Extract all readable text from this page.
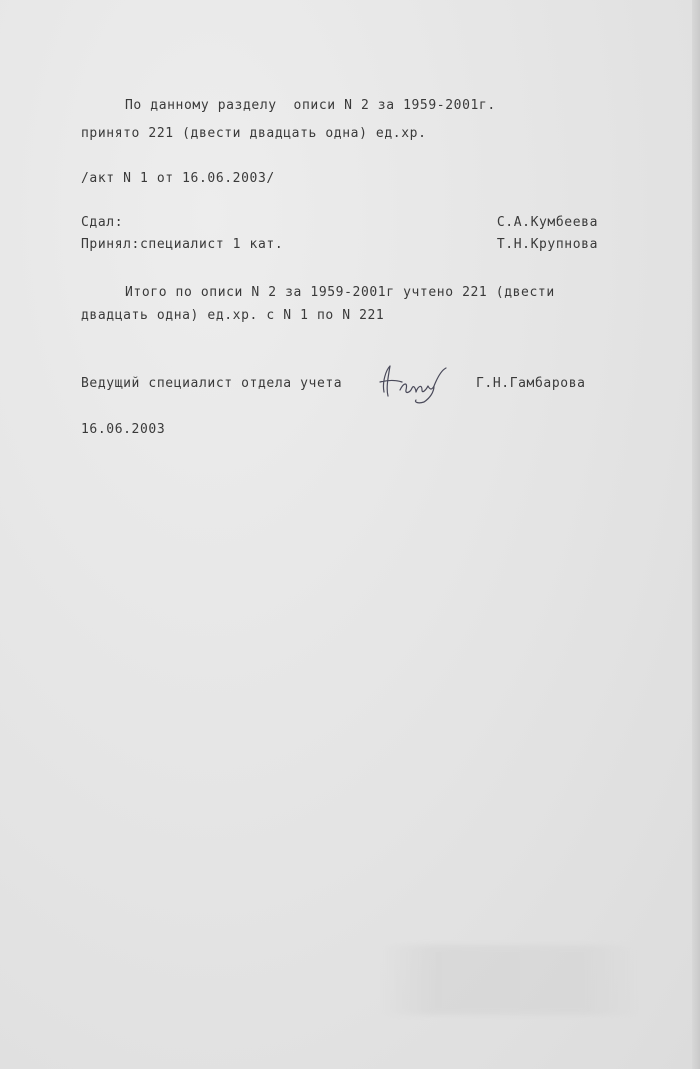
По данному разделу  описи N 2 за 1959-2001г.
принято 221 (двести двадцать одна) ед.хр.
/акт N 1 от 16.06.2003/
Сдал:	С.А.Кумбеева
Принял:специалист 1 кат.	Т.Н.Крупнова
Итого по описи N 2 за 1959-2001г учтено 221 (двести
двадцать одна) ед.хр. с N 1 по N 221
Ведущий специалист отдела учета	Г.Н.Гамбарова
16.06.2003
